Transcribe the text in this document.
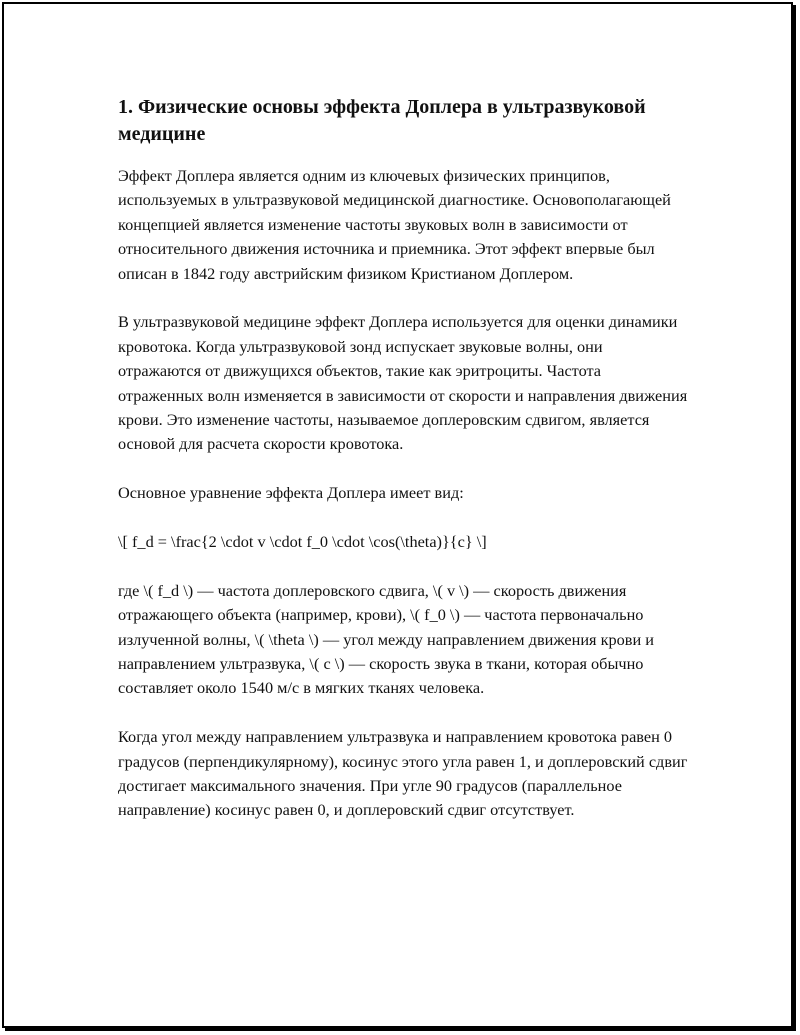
1. Физические основы эффекта Доплера в ультразвуковой медицине

Эффект Доплера является одним из ключевых физических принципов, используемых в ультразвуковой медицинской диагностике. Основополагающей концепцией является изменение частоты звуковых волн в зависимости от относительного движения источника и приемника. Этот эффект впервые был описан в 1842 году австрийским физиком Кристианом Доплером.

В ультразвуковой медицине эффект Доплера используется для оценки динамики кровотока. Когда ультразвуковой зонд испускает звуковые волны, они отражаются от движущихся объектов, такие как эритроциты. Частота отраженных волн изменяется в зависимости от скорости и направления движения крови. Это изменение частоты, называемое доплеровским сдвигом, является основой для расчета скорости кровотока.

Основное уравнение эффекта Доплера имеет вид:

\[ f_d = \frac{2 \cdot v \cdot f_0 \cdot \cos(\theta)}{c} \]

где \( f_d \) — частота доплеровского сдвига, \( v \) — скорость движения отражающего объекта (например, крови), \( f_0 \) — частота первоначально излученной волны, \( \theta \) — угол между направлением движения крови и направлением ультразвука, \( c \) — скорость звука в ткани, которая обычно составляет около 1540 м/с в мягких тканях человека.

Когда угол между направлением ультразвука и направлением кровотока равен 0 градусов (перпендикулярному), косинус этого угла равен 1, и доплеровский сдвиг достигает максимального значения. При угле 90 градусов (параллельное направление) косинус равен 0, и доплеровский сдвиг отсутствует.
